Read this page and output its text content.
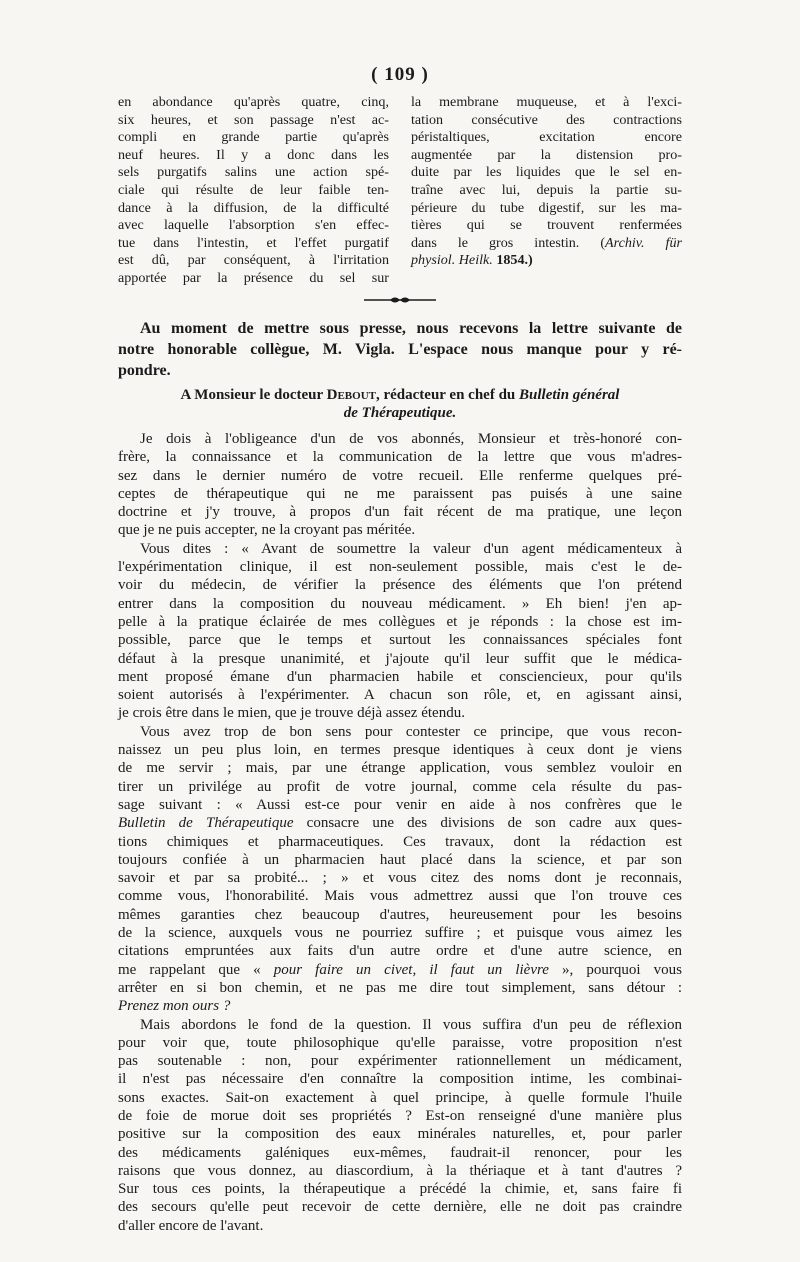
( 109 )
en abondance qu'après quatre, cinq,
six heures, et son passage n'est ac-
compli en grande partie qu'après
neuf heures. Il y a donc dans les
sels purgatifs salins une action spé-
ciale qui résulte de leur faible ten-
dance à la diffusion, de la difficulté
avec laquelle l'absorption s'en effec-
tue dans l'intestin, et l'effet purgatif
est dû, par conséquent, à l'irritation
apportée par la présence du sel sur
la membrane muqueuse, et à l'exci-
tation consécutive des contractions
péristaltiques, excitation encore
augmentée par la distension pro-
duite par les liquides que le sel en-
traîne avec lui, depuis la partie su-
périeure du tube digestif, sur les ma-
tières qui se trouvent renfermées
dans le gros intestin. (Archiv. für
physiol. Heilk. 1854.)
Au moment de mettre sous presse, nous recevons la lettre suivante de
notre honorable collègue, M. Vigla. L'espace nous manque pour y ré-
pondre.
A Monsieur le docteur Debout, rédacteur en chef du Bulletin général
de Thérapeutique.
Je dois à l'obligeance d'un de vos abonnés, Monsieur et très-honoré con-
frère, la connaissance et la communication de la lettre que vous m'adres-
sez dans le dernier numéro de votre recueil. Elle renferme quelques pré-
ceptes de thérapeutique qui ne me paraissent pas puisés à une saine
doctrine et j'y trouve, à propos d'un fait récent de ma pratique, une leçon
que je ne puis accepter, ne la croyant pas méritée.
Vous dites : « Avant de soumettre la valeur d'un agent médicamenteux à
l'expérimentation clinique, il est non-seulement possible, mais c'est le de-
voir du médecin, de vérifier la présence des éléments que l'on prétend
entrer dans la composition du nouveau médicament. » Eh bien! j'en ap-
pelle à la pratique éclairée de mes collègues et je réponds : la chose est im-
possible, parce que le temps et surtout les connaissances spéciales font
défaut à la presque unanimité, et j'ajoute qu'il leur suffit que le médica-
ment proposé émane d'un pharmacien habile et consciencieux, pour qu'ils
soient autorisés à l'expérimenter. A chacun son rôle, et, en agissant ainsi,
je crois être dans le mien, que je trouve déjà assez étendu.
Vous avez trop de bon sens pour contester ce principe, que vous recon-
naissez un peu plus loin, en termes presque identiques à ceux dont je viens
de me servir ; mais, par une étrange application, vous semblez vouloir en
tirer un privilége au profit de votre journal, comme cela résulte du pas-
sage suivant : « Aussi est-ce pour venir en aide à nos confrères que le
Bulletin de Thérapeutique consacre une des divisions de son cadre aux ques-
tions chimiques et pharmaceutiques. Ces travaux, dont la rédaction est
toujours confiée à un pharmacien haut placé dans la science, et par son
savoir et par sa probité... ; » et vous citez des noms dont je reconnais,
comme vous, l'honorabilité. Mais vous admettrez aussi que l'on trouve ces
mêmes garanties chez beaucoup d'autres, heureusement pour les besoins
de la science, auxquels vous ne pourriez suffire ; et puisque vous aimez les
citations empruntées aux faits d'un autre ordre et d'une autre science, en
me rappelant que « pour faire un civet, il faut un lièvre », pourquoi vous
arrêter en si bon chemin, et ne pas me dire tout simplement, sans détour :
Prenez mon ours ?
Mais abordons le fond de la question. Il vous suffira d'un peu de réflexion
pour voir que, toute philosophique qu'elle paraisse, votre proposition n'est
pas soutenable : non, pour expérimenter rationnellement un médicament,
il n'est pas nécessaire d'en connaître la composition intime, les combinai-
sons exactes. Sait-on exactement à quel principe, à quelle formule l'huile
de foie de morue doit ses propriétés ? Est-on renseigné d'une manière plus
positive sur la composition des eaux minérales naturelles, et, pour parler
des médicaments galéniques eux-mêmes, faudrait-il renoncer, pour les
raisons que vous donnez, au diascordium, à la thériaque et à tant d'autres ?
Sur tous ces points, la thérapeutique a précédé la chimie, et, sans faire fi
des secours qu'elle peut recevoir de cette dernière, elle ne doit pas craindre
d'aller encore de l'avant.
